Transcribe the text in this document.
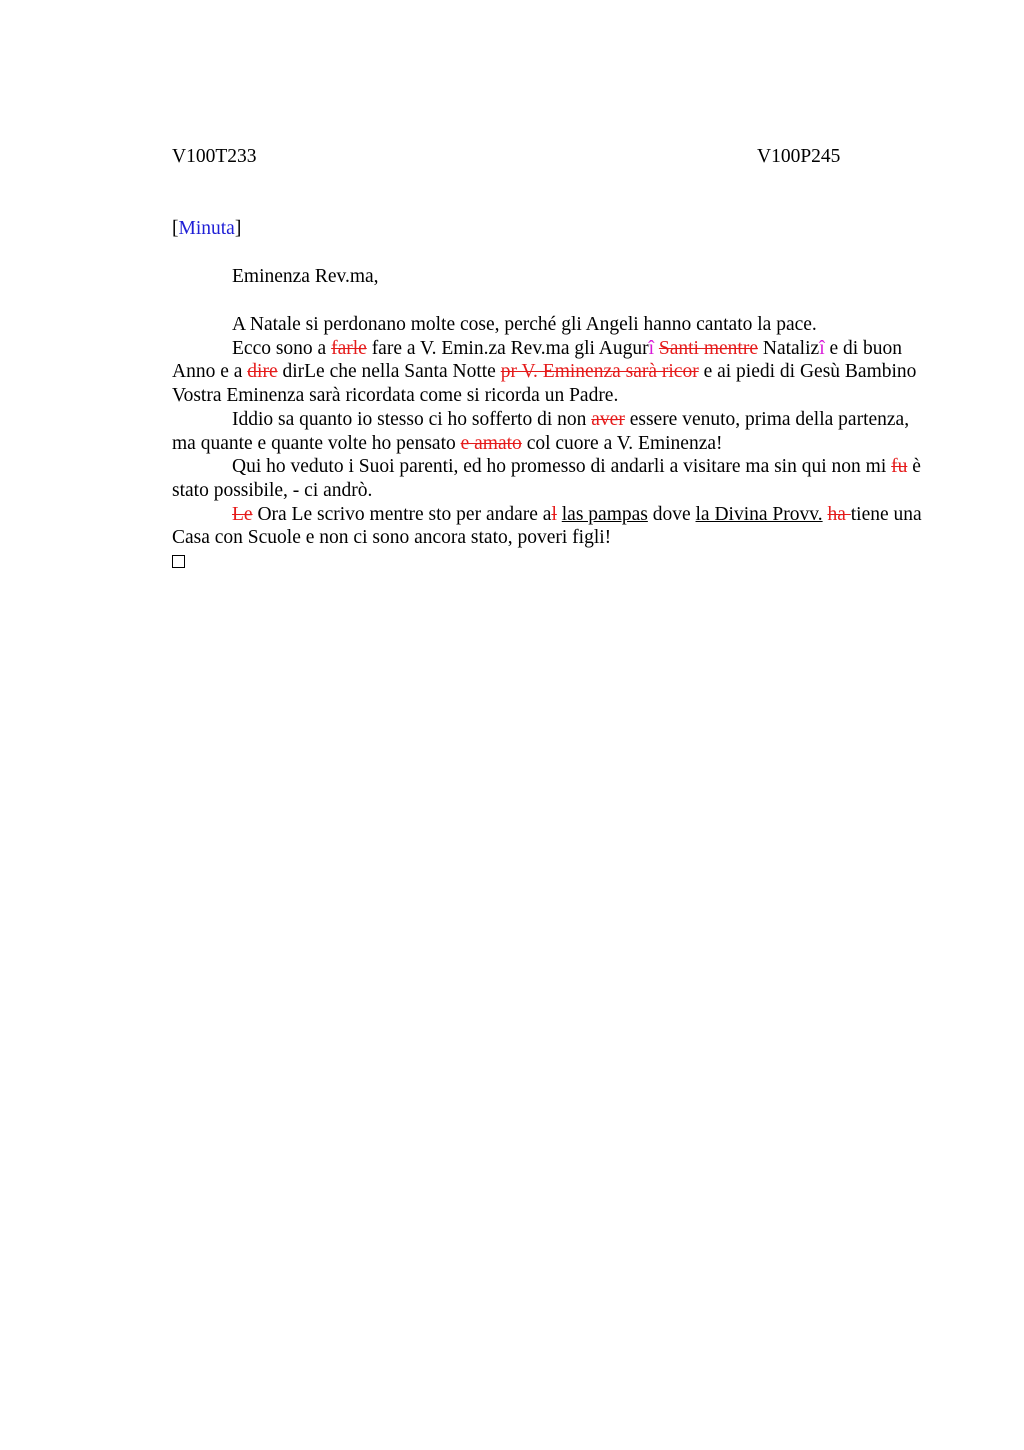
V100T233	V100P245
[Minuta]
Eminenza Rev.ma,

A Natale si perdonano molte cose, perché gli Angeli hanno cantato la pace.

Ecco sono a farle fare a V. Emin.za Rev.ma gli Augurî Santi mentre Natalizî e di buon Anno e a dire dirLe che nella Santa Notte pr V. Eminenza sarà ricor e ai piedi di Gesù Bambino Vostra Eminenza sarà ricordata come si ricorda un Padre.

Iddio sa quanto io stesso ci ho sofferto di non aver essere venuto, prima della partenza, ma quante e quante volte ho pensato e amato col cuore a V. Eminenza!

Qui ho veduto i Suoi parenti, ed ho promesso di andarli a visitare ma sin qui non mi fu è stato possibile, - ci andrò.

Le Ora Le scrivo mentre sto per andare al las pampas dove la Divina Provv. ha tiene una Casa con Scuole e non ci sono ancora stato, poveri figli!
